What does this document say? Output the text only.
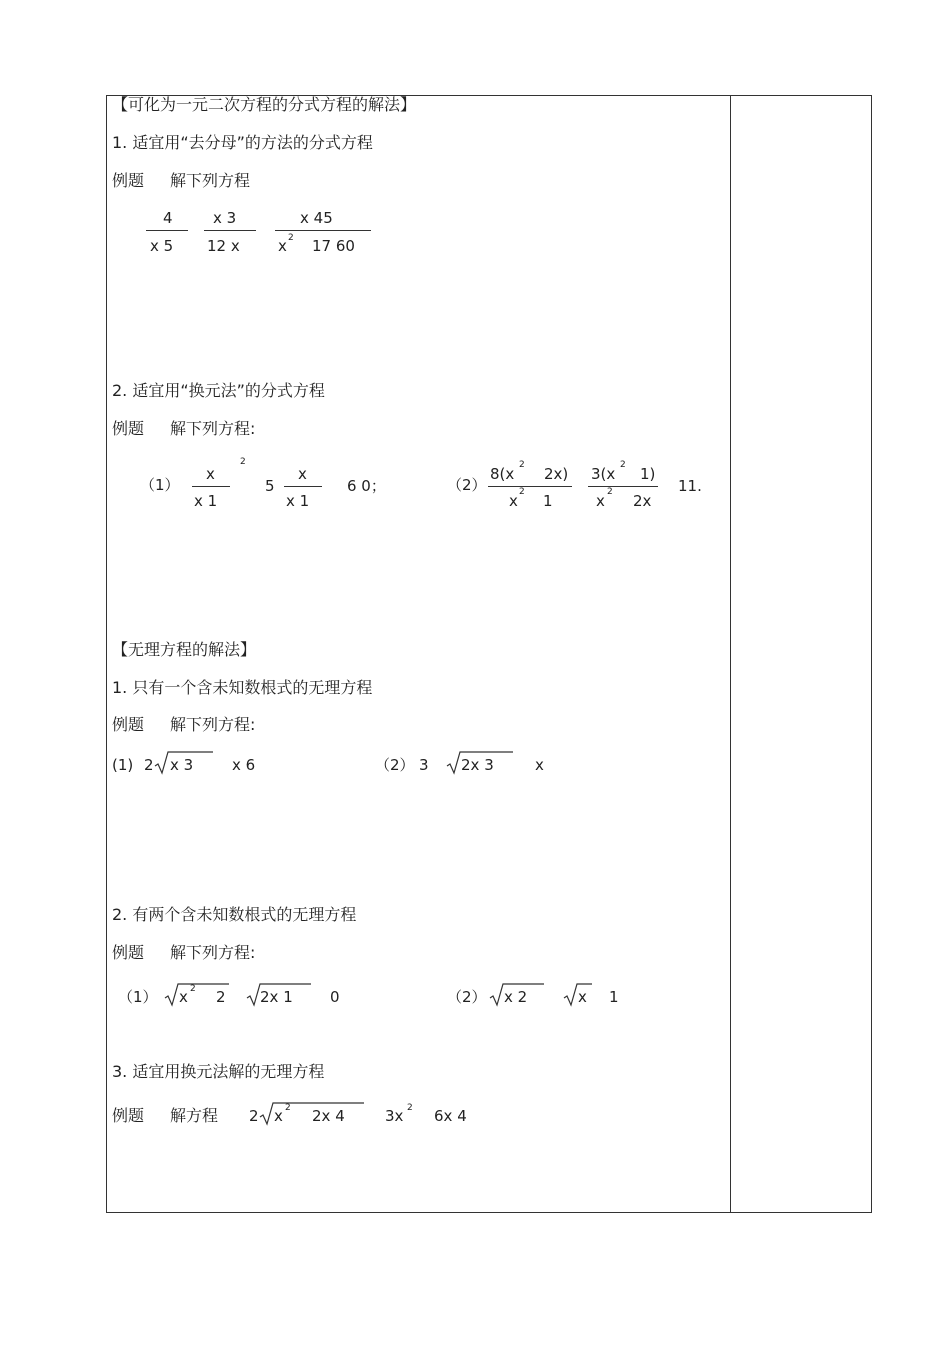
【可化为一元二次方程的分式方程的解法】
1. 适宜用“去分母”的方法的分式方程
例题 解下列方程
4
x 5
x 3
12 x
x 45
x 2 17 60
2. 适宜用“换元法”的分式方程
例题 解下列方程:
（1）
x
x 1
2
5
x
x 1
6 0；	（2）
8(x 2 2x)
x 2 1
3(x 2 1)
x 2 2x
11.
【无理方程的解法】
1. 只有一个含未知数根式的无理方程
例题 解下列方程:
(1) 2 x 3	x 6	（2） 3 2x 3	x
2. 有两个含未知数根式的无理方程
例题 解下列方程:
（1） x 2 2 2x 1 0	（2） x 2	x 1
3. 适宜用换元法解的无理方程
例题 解方程 2 x 2 2x 4	3x 2 6x 4
